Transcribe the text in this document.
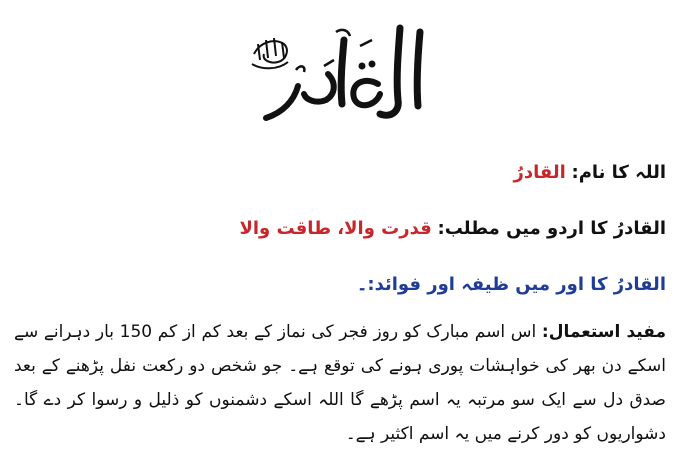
اللہ کا نام: القادرُ
القادرُ کا اردو میں مطلب: قدرت والا، طاقت والا
القادرُ کا اور میں ظیفہ اور فوائد:۔
مفید استعمال: اس اسم مبارک کو روز فجر کی نماز کے بعد کم از کم 150 بار دہرانے سے اسکے دن بھر کی خواہشات پوری ہونے کی توقع ہے۔ جو شخص دو رکعت نفل پڑھنے کے بعد صدق دل سے ایک سو مرتبہ یہ اسم پڑھے گا اللہ اسکے دشمنوں کو ذلیل و رسوا کر دے گا۔ دشواریوں کو دور کرنے میں یہ اسم اکثیر ہے۔
